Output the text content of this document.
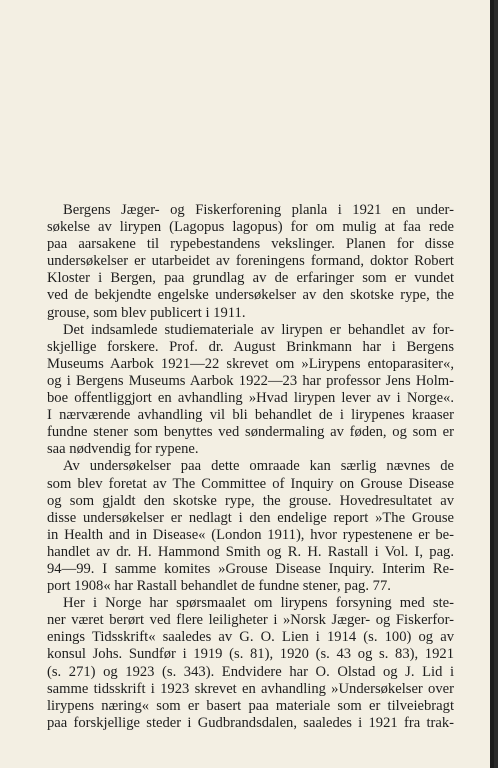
Bergens Jæger- og Fiskerforening planla i 1921 en under-
søkelse av lirypen (Lagopus lagopus) for om mulig at faa rede
paa aarsakene til rypebestandens vekslinger. Planen for disse
undersøkelser er utarbeidet av foreningens formand, doktor Robert
Kloster i Bergen, paa grundlag av de erfaringer som er vundet
ved de bekjendte engelske undersøkelser av den skotske rype, the
grouse, som blev publicert i 1911.
Det indsamlede studiemateriale av lirypen er behandlet av for-
skjellige forskere. Prof. dr. August Brinkmann har i Bergens
Museums Aarbok 1921—22 skrevet om »Lirypens entoparasiter«,
og i Bergens Museums Aarbok 1922—23 har professor Jens Holm-
boe offentliggjort en avhandling »Hvad lirypen lever av i Norge«.
I nærværende avhandling vil bli behandlet de i lirypenes kraaser
fundne stener som benyttes ved søndermaling av føden, og som er
saa nødvendig for rypene.
Av undersøkelser paa dette omraade kan særlig nævnes de
som blev foretat av The Committee of Inquiry on Grouse Disease
og som gjaldt den skotske rype, the grouse. Hovedresultatet av
disse undersøkelser er nedlagt i den endelige report »The Grouse
in Health and in Disease« (London 1911), hvor rypestenene er be-
handlet av dr. H. Hammond Smith og R. H. Rastall i Vol. I, pag.
94—99. I samme komites »Grouse Disease Inquiry. Interim Re-
port 1908« har Rastall behandlet de fundne stener, pag. 77.
Her i Norge har spørsmaalet om lirypens forsyning med ste-
ner været berørt ved flere leiligheter i »Norsk Jæger- og Fiskerfor-
enings Tidsskrift« saaledes av G. O. Lien i 1914 (s. 100) og av
konsul Johs. Sundfør i 1919 (s. 81), 1920 (s. 43 og s. 83), 1921
(s. 271) og 1923 (s. 343). Endvidere har O. Olstad og J. Lid i
samme tidsskrift i 1923 skrevet en avhandling »Undersøkelser over
lirypens næring« som er basert paa materiale som er tilveiebragt
paa forskjellige steder i Gudbrandsdalen, saaledes i 1921 fra trak-
